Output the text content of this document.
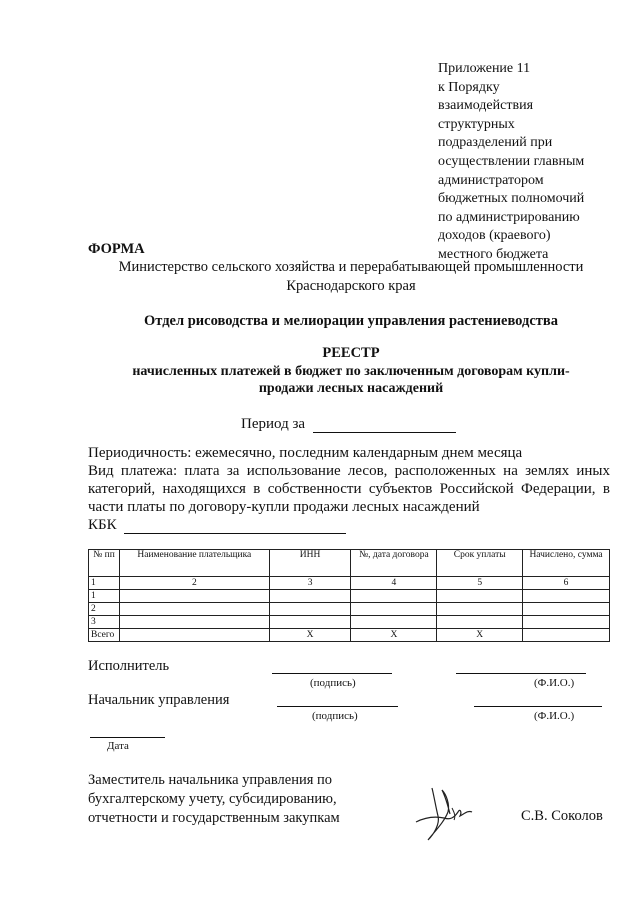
Приложение 11
к Порядку
взаимодействия
структурных
подразделений при
осуществлении главным
администратором
бюджетных полномочий
по администрированию
доходов (краевого)
местного бюджета
ФОРМА
Министерство сельского хозяйства и перерабатывающей промышленности
Краснодарского края
Отдел рисоводства и мелиорации управления растениеводства
РЕЕСТР
начисленных платежей в бюджет по заключенным договорам купли-
продажи лесных насаждений
Период за
Периодичность: ежемесячно, последним календарным днем месяца
Вид платежа: плата за использование лесов, расположенных на землях иных категорий, находящихся в собственности субъектов Российской Федерации, в части платы по договору-купли продажи лесных насаждений
КБК
№ пп	Наименование плательщика	ИНН	№, дата договора	Срок уплаты	Начислено, сумма
1	2	3	4	5	6
1					
2					
3					
Всего		X	X	X	
Исполнитель
(подпись)	(Ф.И.О.)
Начальник управления
(подпись)	(Ф.И.О.)
Дата
Заместитель начальника управления по
бухгалтерскому учету, субсидированию,
отчетности и государственным закупкам	С.В. Соколов
